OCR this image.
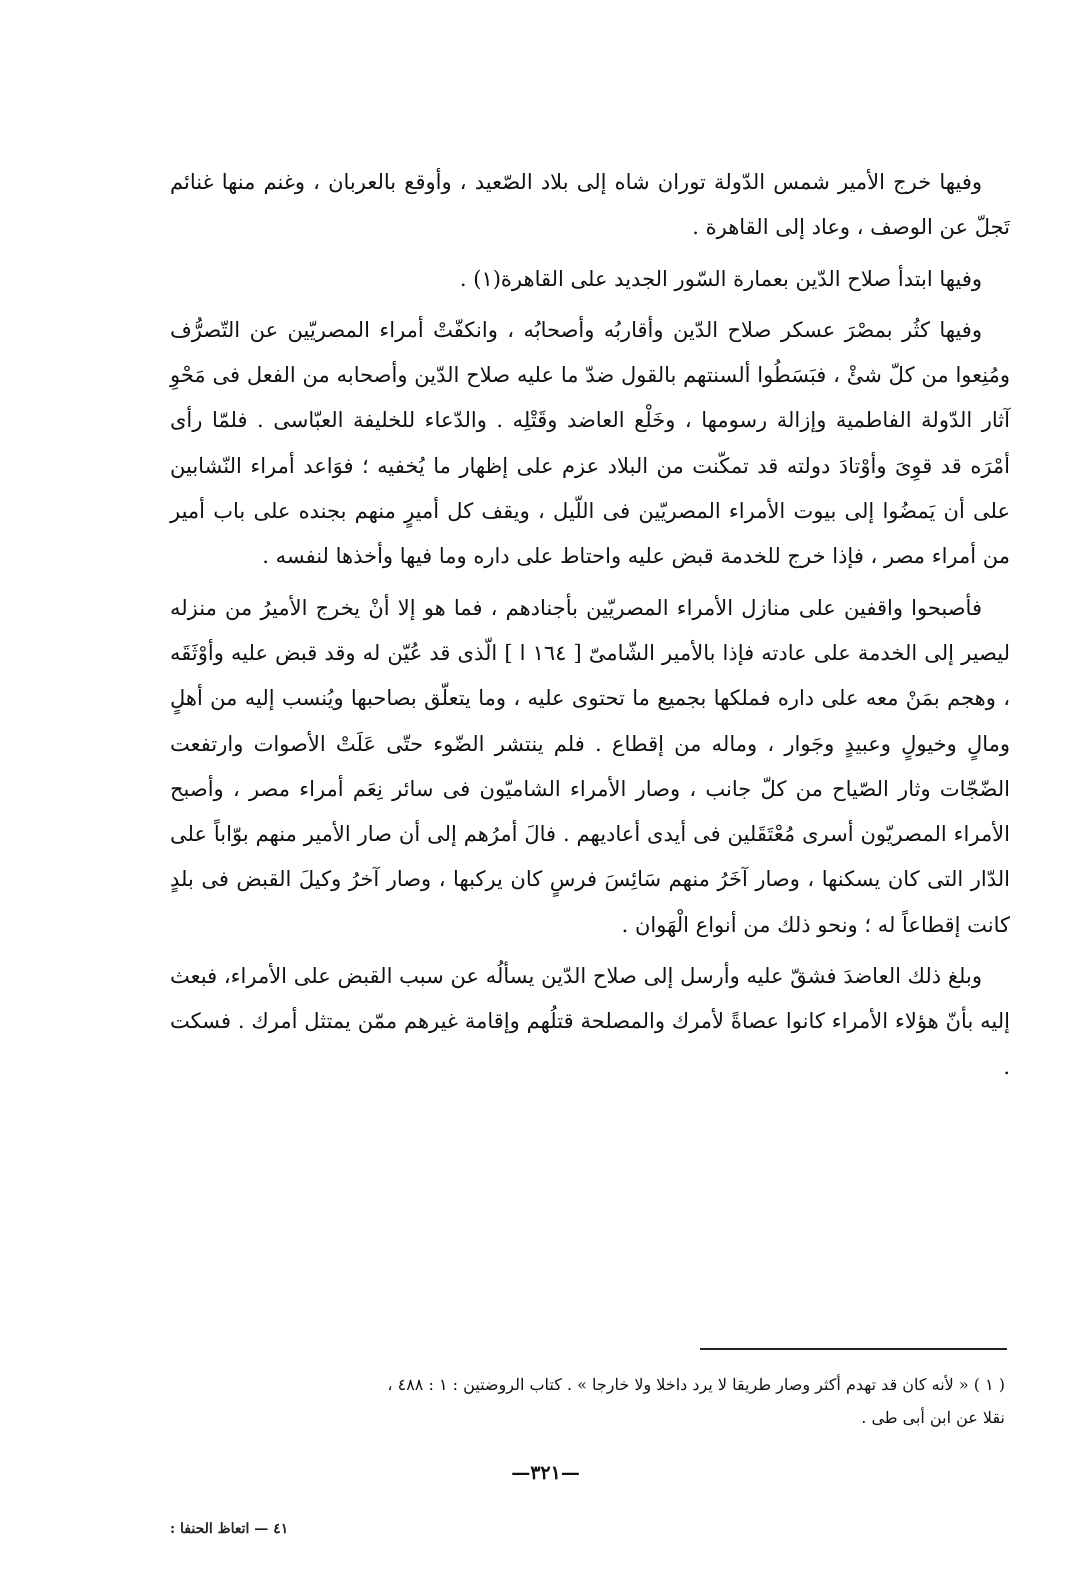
وفيها خرج الأمير شمس الدّولة توران شاه إلى بلاد الصّعيد ، وأوقع بالعربان ، وغنم منها غنائم تَجلّ عن الوصف ، وعاد إلى القاهرة .

وفيها ابتدأ صلاح الدّين بعمارة السّور الجديد على القاهرة(١) .

وفيها كثُر بمصْرَ عسكر صلاح الدّين وأقاربُه وأصحابُه ، وانكفّتْ أمراء المصريّين عن التّصرُّف ومُنِعوا من كلّ شئْ ، فبَسَطُوا ألسنتهم بالقول ضدّ ما عليه صلاح الدّين وأصحابه من الفعل فى مَحْوِ آثار الدّولة الفاطمية وإزالة رسومها ، وخَلْع العاضد وقَتْلِه . والدّعاء للخليفة العبّاسى . فلمّا رأى أمْرَه قد قوِىَ وأوْتادَ دولته قد تمكّنت من البلاد عزم على إظهار ما يُخفيه ؛ فوَاعد أمراء النّشابين على أن يَمضُوا إلى بيوت الأمراء المصريّين فى اللّيل ، ويقف كل أميرٍ منهم بجنده على باب أمير من أمراء مصر ، فإذا خرج للخدمة قبض عليه واحتاط على داره وما فيها وأخذها لنفسه .

فأصبحوا واقفين على منازل الأمراء المصريّين بأجنادهم ، فما هو إلا أنْ يخرج الأميرُ من منزله ليصير إلى الخدمة على عادته فإذا بالأمير الشّامىّ [ ١٦٤ ا ] الّذى قد عُيّن له وقد قبض عليه وأوْثَقَه ، وهجم بمَنْ معه على داره فملكها بجميع ما تحتوى عليه ، وما يتعلّق بصاحبها ويُنسب إليه من أهلٍ ومالٍ وخيولٍ وعبيدٍ وجَوار ، وماله من إقطاع . فلم ينتشر الضّوء حتّى عَلَتْ الأصوات وارتفعت الضّجّات وثار الصّياح من كلّ جانب ، وصار الأمراء الشاميّون فى سائر نِعَم أمراء مصر ، وأصبح الأمراء المصريّون أسرى مُعْتَقَلين فى أيدى أعاديهم . فالَ أمرُهم إلى أن صار الأمير منهم بوّاباً على الدّار التى كان يسكنها ، وصار آخَرُ منهم سَائِسَ فرسٍ كان يركبها ، وصار آخرُ وكيلَ القبض فى بلدٍ كانت إقطاعاً له ؛ ونحو ذلك من أنواع الْهَوان .

وبلغ ذلك العاضدَ فشقّ عليه وأرسل إلى صلاح الدّين يسألُه عن سبب القبض على الأمراء، فبعث إليه بأنّ هؤلاء الأمراء كانوا عصاةً لأمرك والمصلحة قتلُهم وإقامة غيرهم ممّن يمتثل أمرك . فسكت .

( ١ ) « لأنه كان قد تهدم أكثر وصار طريقا لا يرد داخلا ولا خارجا » . كتاب الروضتين : ١ : ٤٨٨ ،

نقلا عن ابن أبى طى .

—٣٢١—
٤١ — اتعاظ الحنفا :
